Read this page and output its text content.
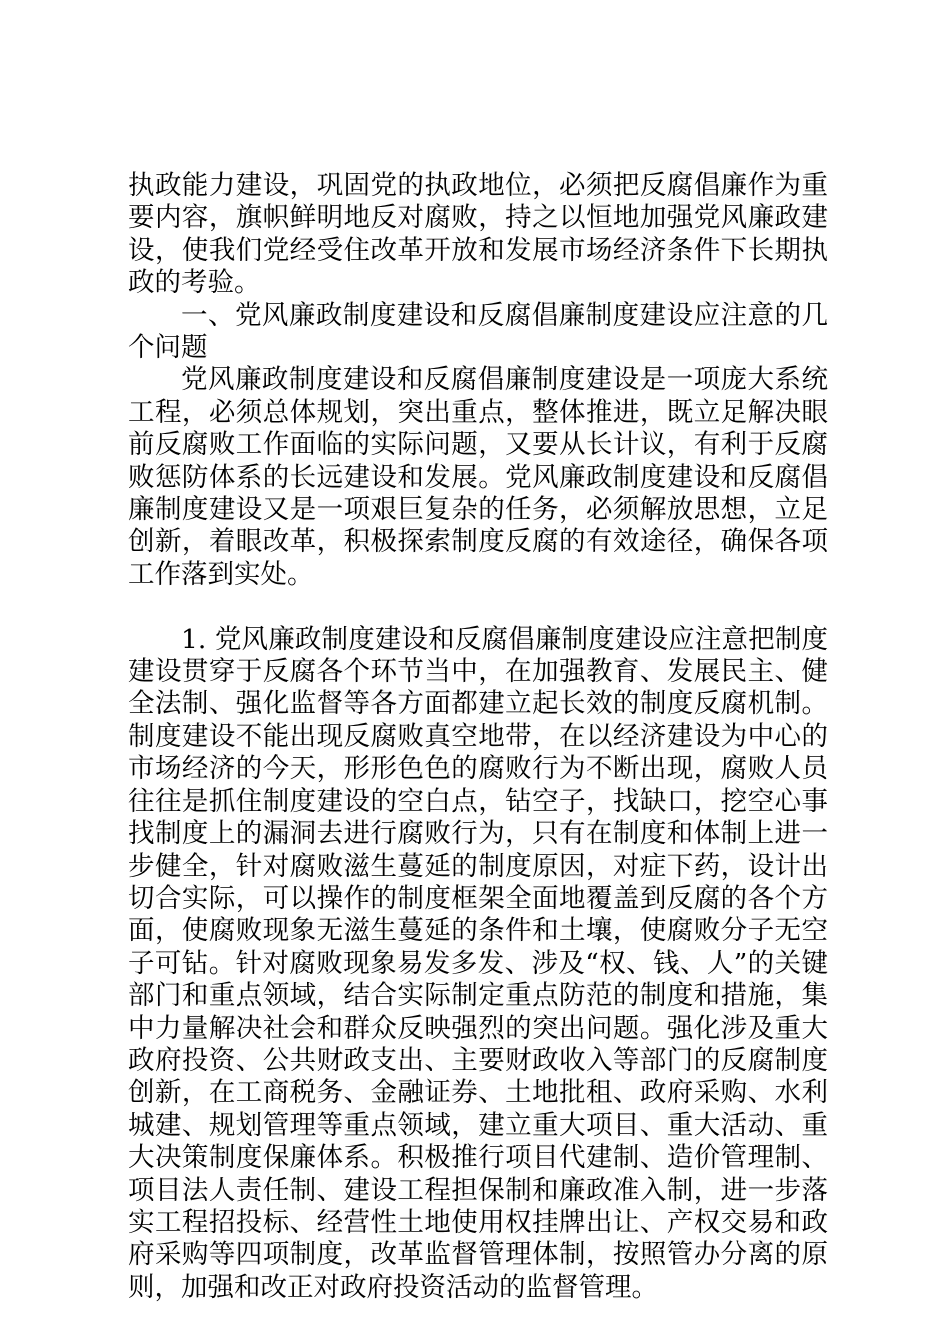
执政能力建设，巩固党的执政地位，必须把反腐倡廉作为重要内容，旗帜鲜明地反对腐败，持之以恒地加强党风廉政建设，使我们党经受住改革开放和发展市场经济条件下长期执政的考验。

一、党风廉政制度建设和反腐倡廉制度建设应注意的几个问题

党风廉政制度建设和反腐倡廉制度建设是一项庞大系统工程，必须总体规划，突出重点，整体推进，既立足解决眼前反腐败工作面临的实际问题，又要从长计议，有利于反腐败惩防体系的长远建设和发展。党风廉政制度建设和反腐倡廉制度建设又是一项艰巨复杂的任务，必须解放思想，立足创新，着眼改革，积极探索制度反腐的有效途径，确保各项工作落到实处。

1. 党风廉政制度建设和反腐倡廉制度建设应注意把制度建设贯穿于反腐各个环节当中，在加强教育、发展民主、健全法制、强化监督等各方面都建立起长效的制度反腐机制。制度建设不能出现反腐败真空地带，在以经济建设为中心的市场经济的今天，形形色色的腐败行为不断出现，腐败人员往往是抓住制度建设的空白点，钻空子，找缺口，挖空心事找制度上的漏洞去进行腐败行为，只有在制度和体制上进一步健全，针对腐败滋生蔓延的制度原因，对症下药，设计出切合实际，可以操作的制度框架全面地覆盖到反腐的各个方面，使腐败现象无滋生蔓延的条件和土壤，使腐败分子无空子可钻。针对腐败现象易发多发、涉及“权、钱、人”的关键部门和重点领域，结合实际制定重点防范的制度和措施，集中力量解决社会和群众反映强烈的突出问题。强化涉及重大政府投资、公共财政支出、主要财政收入等部门的反腐制度创新，在工商税务、金融证券、土地批租、政府采购、水利城建、规划管理等重点领域，建立重大项目、重大活动、重大决策制度保廉体系。积极推行项目代建制、造价管理制、项目法人责任制、建设工程担保制和廉政准入制，进一步落实工程招投标、经营性土地使用权挂牌出让、产权交易和政府采购等四项制度，改革监督管理体制，按照管办分离的原则，加强和改正对政府投资活动的监督管理。
